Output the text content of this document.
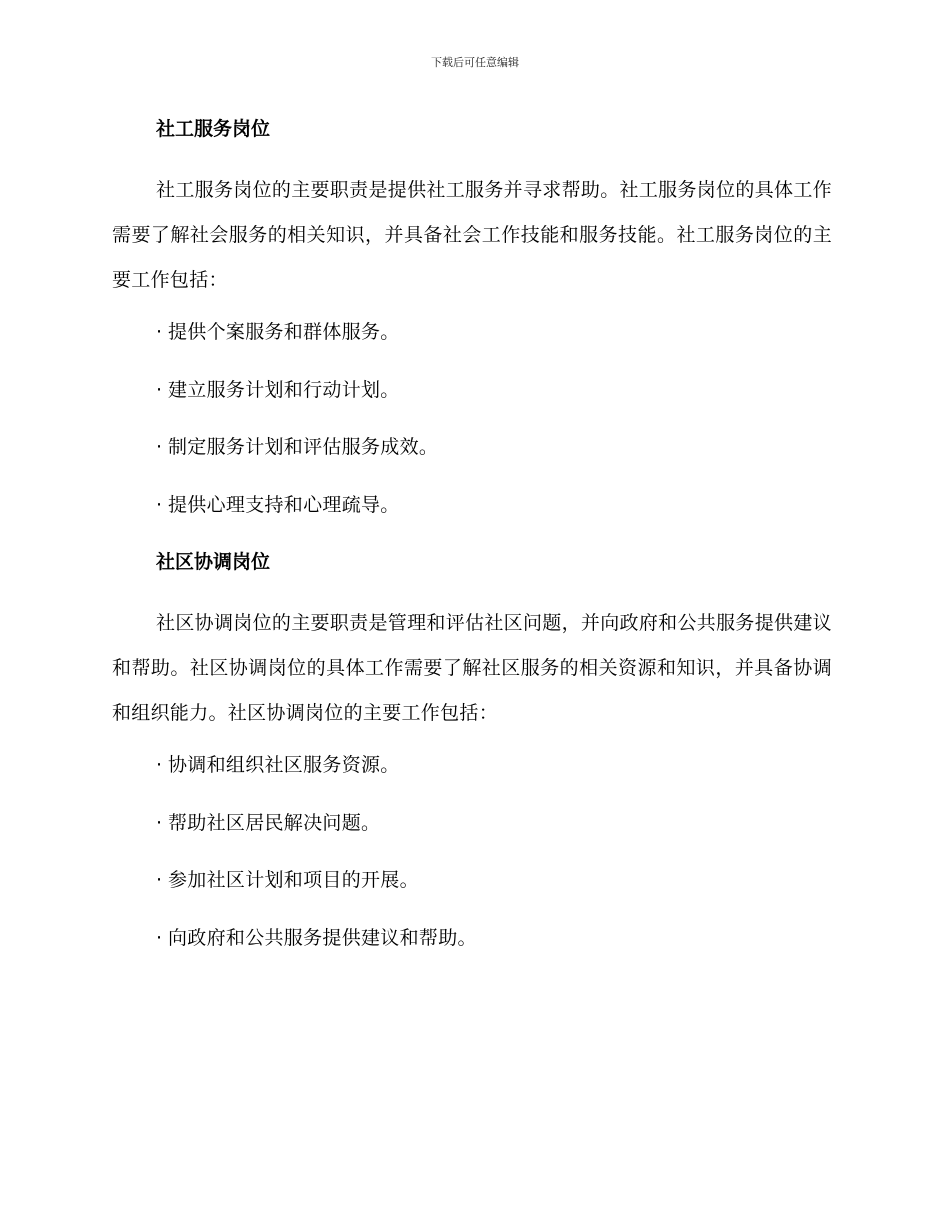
下载后可任意编辑
社工服务岗位

社工服务岗位的主要职责是提供社工服务并寻求帮助。社工服务岗位的具体工作需要了解社会服务的相关知识，并具备社会工作技能和服务技能。社工服务岗位的主要工作包括：

· 提供个案服务和群体服务。
· 建立服务计划和行动计划。
· 制定服务计划和评估服务成效。
· 提供心理支持和心理疏导。
社区协调岗位

社区协调岗位的主要职责是管理和评估社区问题，并向政府和公共服务提供建议和帮助。社区协调岗位的具体工作需要了解社区服务的相关资源和知识，并具备协调和组织能力。社区协调岗位的主要工作包括：

· 协调和组织社区服务资源。
· 帮助社区居民解决问题。
· 参加社区计划和项目的开展。
· 向政府和公共服务提供建议和帮助。
